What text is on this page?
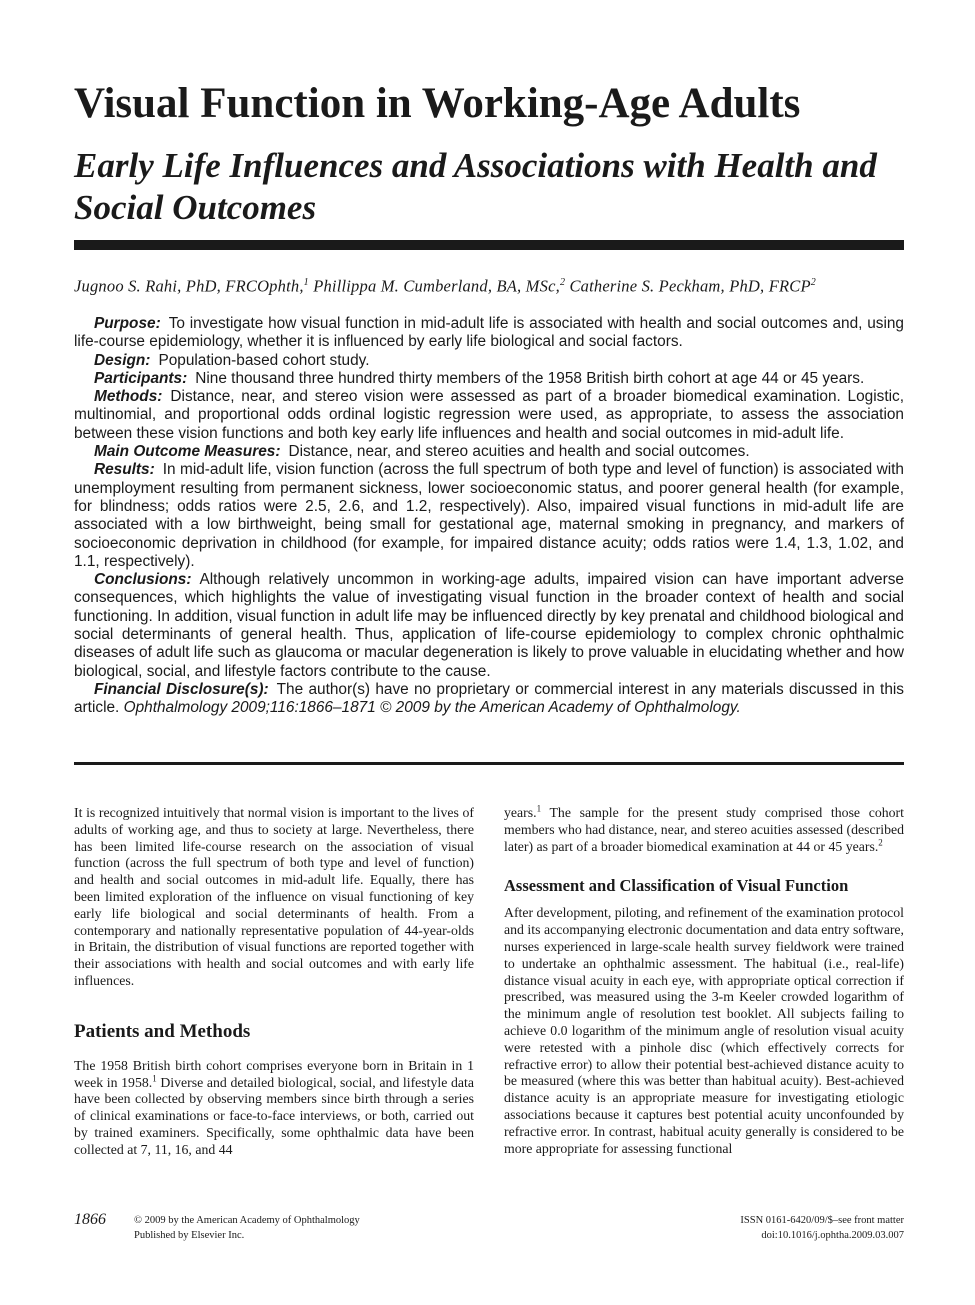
Visual Function in Working-Age Adults
Early Life Influences and Associations with Health and Social Outcomes
Jugnoo S. Rahi, PhD, FRCOphth,$^1$ Phillippa M. Cumberland, BA, MSc,$^2$ Catherine S. Peckham, PhD, FRCP$^2$

Purpose: To investigate how visual function in mid-adult life is associated with health and social outcomes and, using life-course epidemiology, whether it is influenced by early life biological and social factors.

Design: Population-based cohort study.

Participants: Nine thousand three hundred thirty members of the 1958 British birth cohort at age 44 or 45 years.

Methods: Distance, near, and stereo vision were assessed as part of a broader biomedical examination. Logistic, multinomial, and proportional odds ordinal logistic regression were used, as appropriate, to assess the association between these vision functions and both key early life influences and health and social outcomes in mid-adult life.

Main Outcome Measures: Distance, near, and stereo acuities and health and social outcomes.

Results: In mid-adult life, vision function (across the full spectrum of both type and level of function) is associated with unemployment resulting from permanent sickness, lower socioeconomic status, and poorer general health (for example, for blindness; odds ratios were 2.5, 2.6, and 1.2, respectively). Also, impaired visual functions in mid-adult life are associated with a low birthweight, being small for gestational age, maternal smoking in pregnancy, and markers of socioeconomic deprivation in childhood (for example, for impaired distance acuity; odds ratios were 1.4, 1.3, 1.02, and 1.1, respectively).

Conclusions: Although relatively uncommon in working-age adults, impaired vision can have important adverse consequences, which highlights the value of investigating visual function in the broader context of health and social functioning. In addition, visual function in adult life may be influenced directly by key prenatal and childhood biological and social determinants of general health. Thus, application of life-course epidemiology to complex chronic ophthalmic diseases of adult life such as glaucoma or macular degeneration is likely to prove valuable in elucidating whether and how biological, social, and lifestyle factors contribute to the cause.

Financial Disclosure(s): The author(s) have no proprietary or commercial interest in any materials discussed in this article. Ophthalmology 2009;116:1866–1871 © 2009 by the American Academy of Ophthalmology.

It is recognized intuitively that normal vision is important to the lives of adults of working age, and thus to society at large. Nevertheless, there has been limited life-course research on the association of visual function (across the full spectrum of both type and level of function) and health and social outcomes in mid-adult life. Equally, there has been limited exploration of the influence on visual functioning of key early life biological and social determinants of health. From a contemporary and nationally representative population of 44-year-olds in Britain, the distribution of visual functions are reported together with their associations with health and social outcomes and with early life influences.

Patients and Methods

The 1958 British birth cohort comprises everyone born in Britain in 1 week in 1958.$^1$ Diverse and detailed biological, social, and lifestyle data have been collected by observing members since birth through a series of clinical examinations or face-to-face interviews, or both, carried out by trained examiners. Specifically, some ophthalmic data have been collected at 7, 11, 16, and 44

years.$^1$ The sample for the present study comprised those cohort members who had distance, near, and stereo acuities assessed (described later) as part of a broader biomedical examination at 44 or 45 years.$^2$

Assessment and Classification of Visual Function

After development, piloting, and refinement of the examination protocol and its accompanying electronic documentation and data entry software, nurses experienced in large-scale health survey fieldwork were trained to undertake an ophthalmic assessment. The habitual (i.e., real-life) distance visual acuity in each eye, with appropriate optical correction if prescribed, was measured using the 3-m Keeler crowded logarithm of the minimum angle of resolution test booklet. All subjects failing to achieve 0.0 logarithm of the minimum angle of resolution visual acuity were retested with a pinhole disc (which effectively corrects for refractive error) to allow their potential best-achieved distance acuity to be measured (where this was better than habitual acuity). Best-achieved distance acuity is an appropriate measure for investigating etiologic associations because it captures best potential acuity unconfounded by refractive error. In contrast, habitual acuity generally is considered to be more appropriate for assessing functional

1866	© 2009 by the American Academy of Ophthalmology
Published by Elsevier Inc.
ISSN 0161-6420/09/$–see front matter
doi:10.1016/j.ophtha.2009.03.007
